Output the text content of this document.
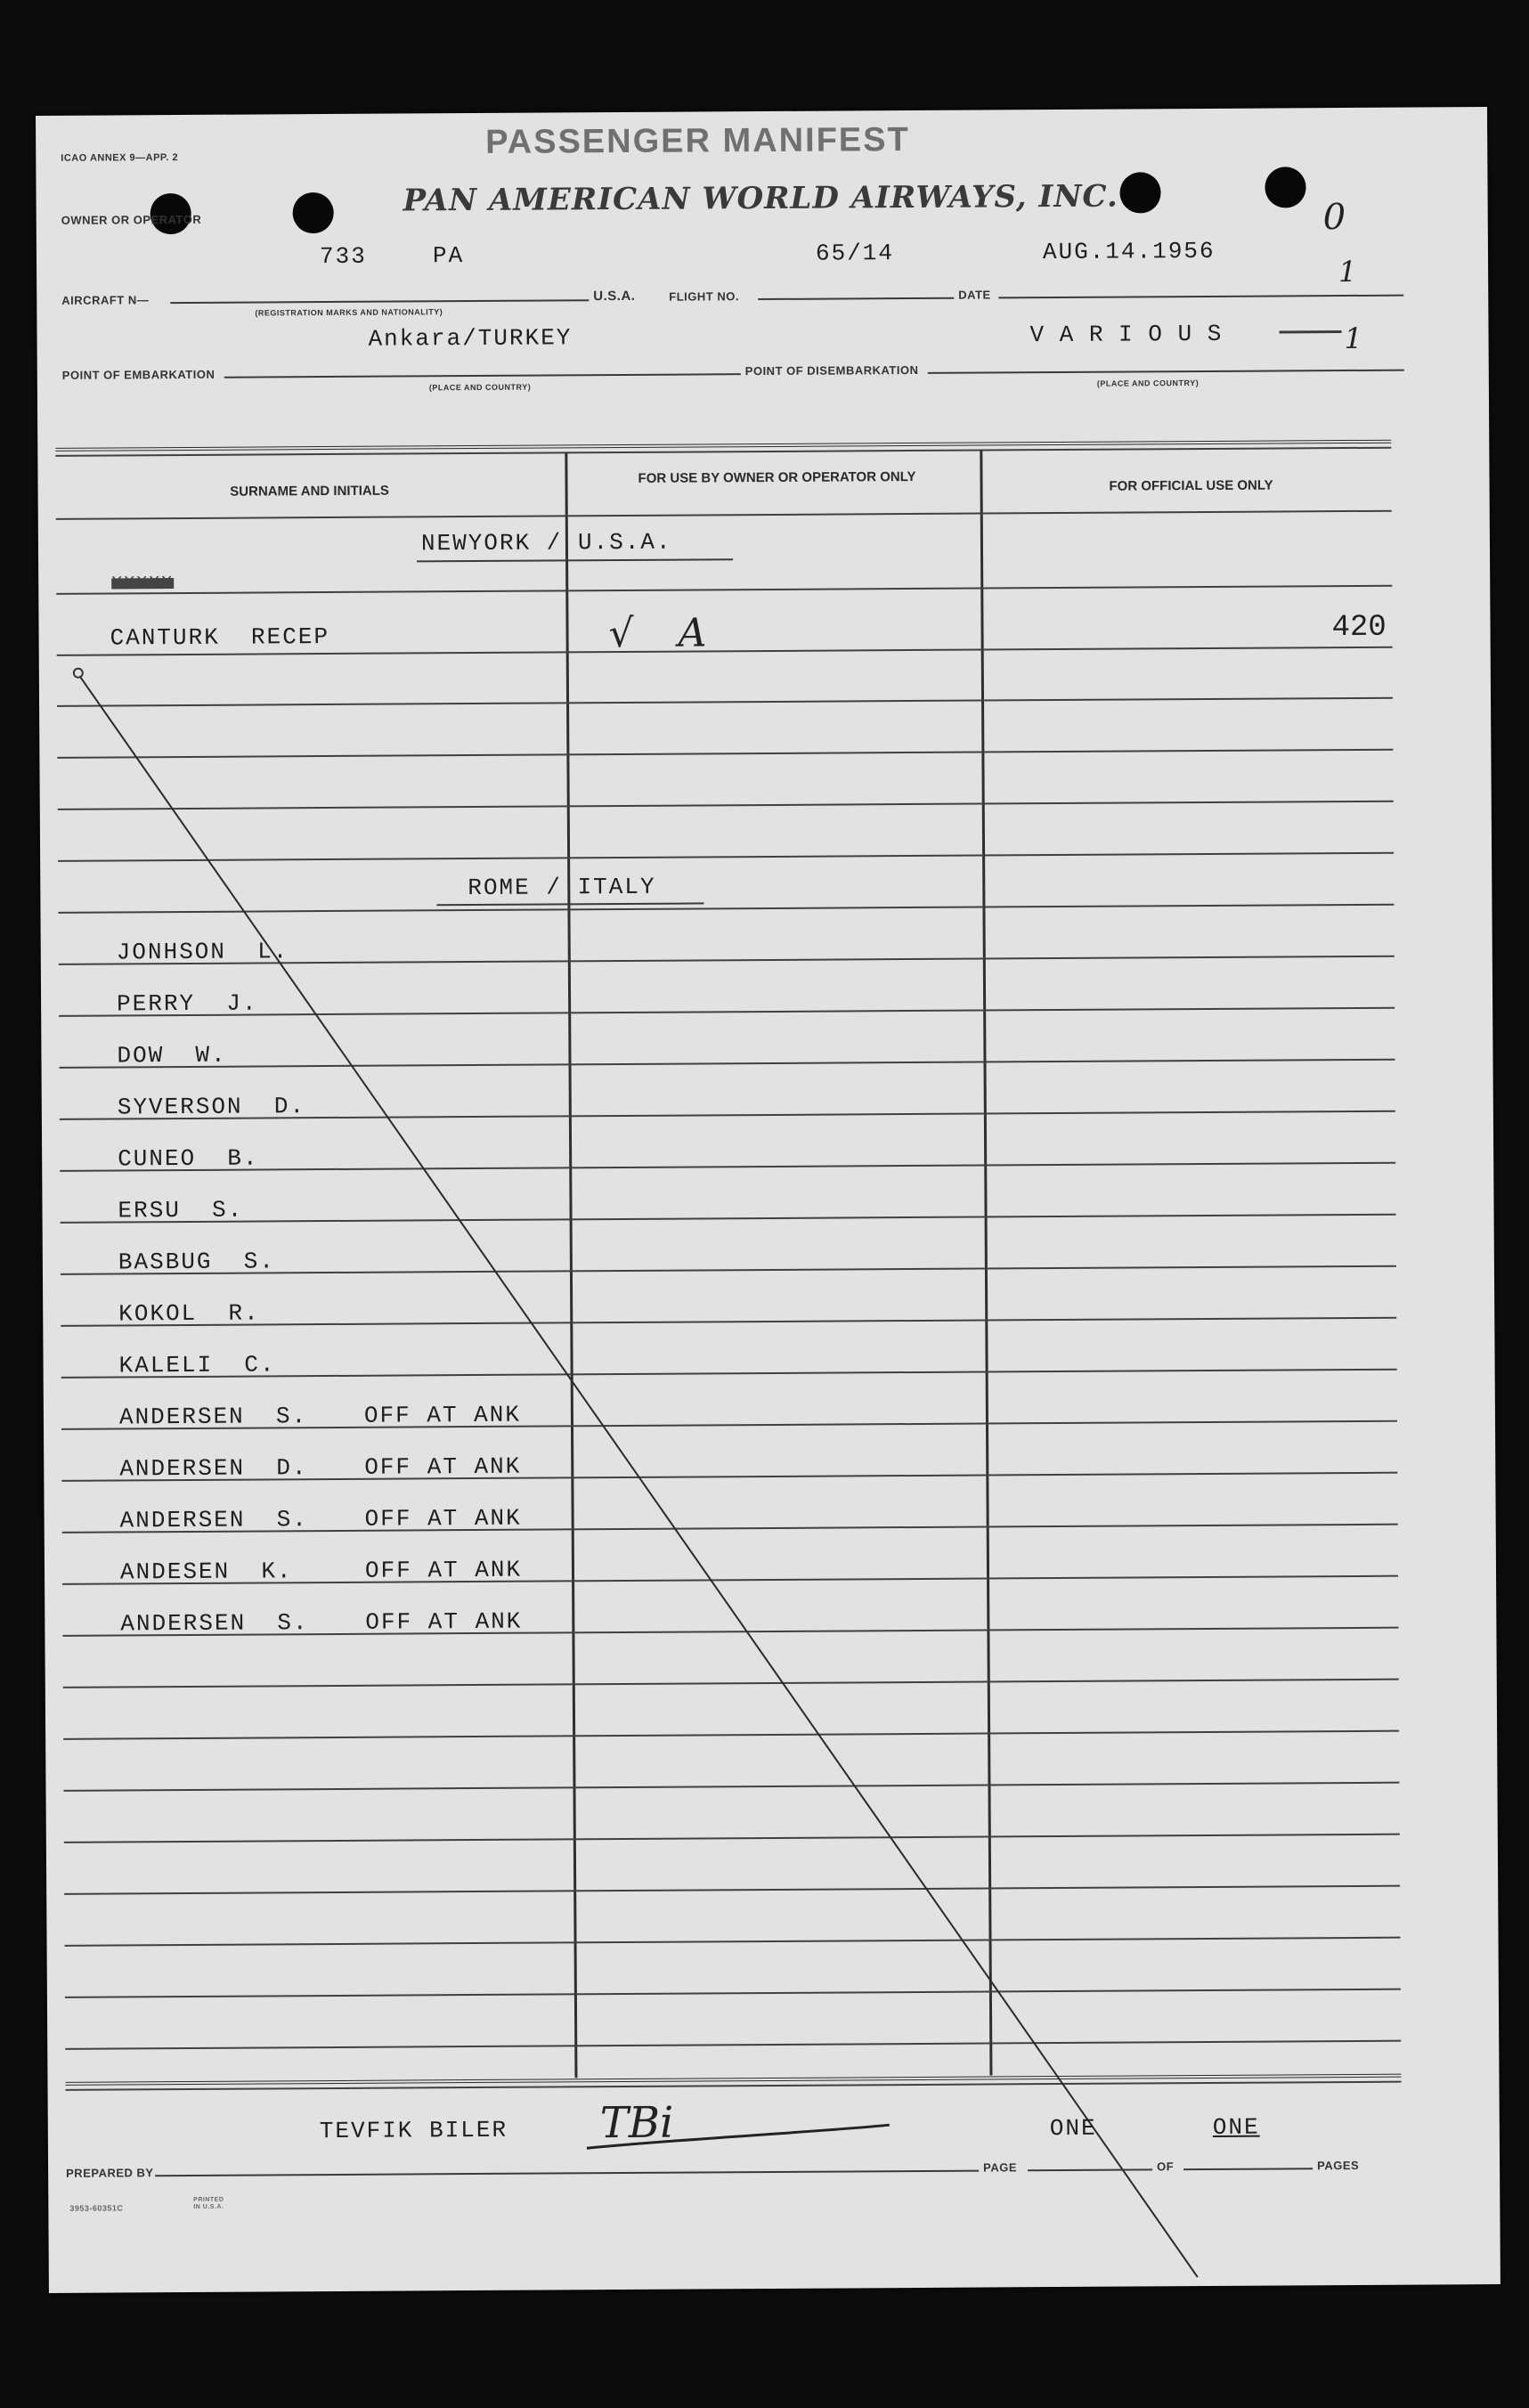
ICAO ANNEX 9—APP. 2	PASSENGER MANIFEST
OWNER OR OPERATOR
PAN AMERICAN WORLD AIRWAYS, INC.
733	PA	65/14	AUG.14.1956
AIRCRAFT N—	U.S.A.	FLIGHT NO.	DATE
(REGISTRATION MARKS AND NATIONALITY)
Ankara/TURKEY	V A R I O U S
POINT OF EMBARKATION	POINT OF DISEMBARKATION
(PLACE AND COUNTRY)	(PLACE AND COUNTRY)
0
1
1
SURNAME AND INITIALS
FOR USE BY OWNER OR OPERATOR ONLY	FOR OFFICIAL USE ONLY
NEWYORK / U.S.A.
XXXXX
CANTURK  RECEP	√ A	420
ROME / ITALY
JONHSON  L.
PERRY  J.
DOW  W.
SYVERSON  D.
CUNEO  B.
ERSU  S.
BASBUG  S.
KOKOL  R.
KALELI  C.
ANDERSEN  S. OFF AT ANK
ANDERSEN  D. OFF AT ANK
ANDERSEN  S. OFF AT ANK
ANDESEN  K.	OFF AT ANK
ANDERSEN  S. OFF AT ANK
TEVFIK BILER TBi	ONE	ONE
PREPARED BY	PAGE	OF	PAGES
3953-60351C
PRINTED IN U.S.A.
